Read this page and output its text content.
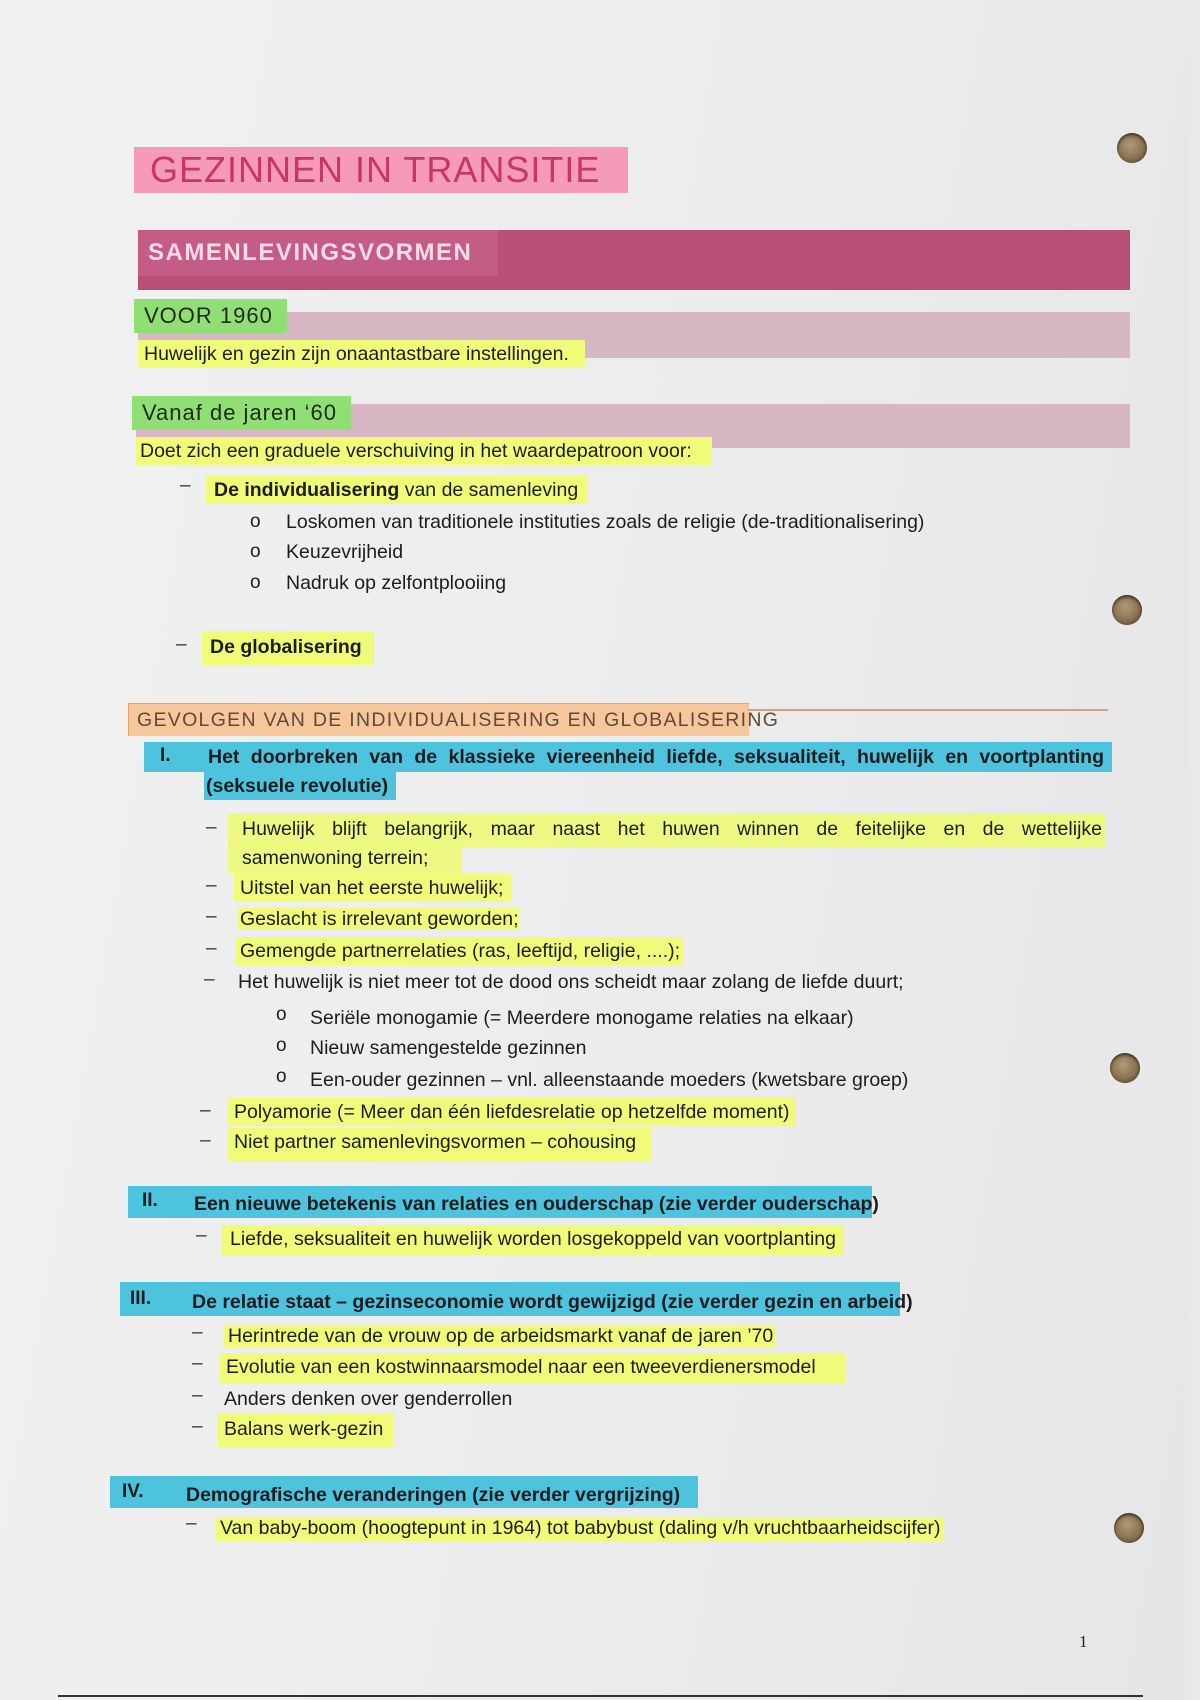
GEZINNEN IN TRANSITIE
SAMENLEVINGSVORMEN
VOOR 1960
Huwelijk en gezin zijn onaantastbare instellingen.
Vanaf de jaren ‘60
Doet zich een graduele verschuiving in het waardepatroon voor:
–	De individualisering van de samenleving
o Loskomen van traditionele instituties zoals de religie (de-traditionalisering)
o Keuzevrijheid
o Nadruk op zelfontplooiing
–	De globalisering
GEVOLGEN VAN DE INDIVIDUALISERING EN GLOBALISERING
I. Het doorbreken van de klassieke viereenheid liefde, seksualiteit, huwelijk en voortplanting
(seksuele revolutie)
– Huwelijk blijft belangrijk, maar naast het huwen winnen de feitelijke en de wettelijke
samenwoning terrein;
–	Uitstel van het eerste huwelijk;
– Geslacht is irrelevant geworden;
– Gemengde partnerrelaties (ras, leeftijd, religie, ....);
– Het huwelijk is niet meer tot de dood ons scheidt maar zolang de liefde duurt;
o Seriële monogamie (= Meerdere monogame relaties na elkaar)
o Nieuw samengestelde gezinnen
o Een-ouder gezinnen – vnl. alleenstaande moeders (kwetsbare groep)
–	Polyamorie (= Meer dan één liefdesrelatie op hetzelfde moment)
–	Niet partner samenlevingsvormen – cohousing
II. Een nieuwe betekenis van relaties en ouderschap (zie verder ouderschap)
–	Liefde, seksualiteit en huwelijk worden losgekoppeld van voortplanting
III. De relatie staat – gezinseconomie wordt gewijzigd (zie verder gezin en arbeid)
– Herintrede van de vrouw op de arbeidsmarkt vanaf de jaren ’70
–	Evolutie van een kostwinnaarsmodel naar een tweeverdienersmodel
– Anders denken over genderrollen
–	Balans werk-gezin
IV. Demografische veranderingen (zie verder vergrijzing)
– Van baby-boom (hoogtepunt in 1964) tot babybust (daling v/h vruchtbaarheidscijfer)
1
